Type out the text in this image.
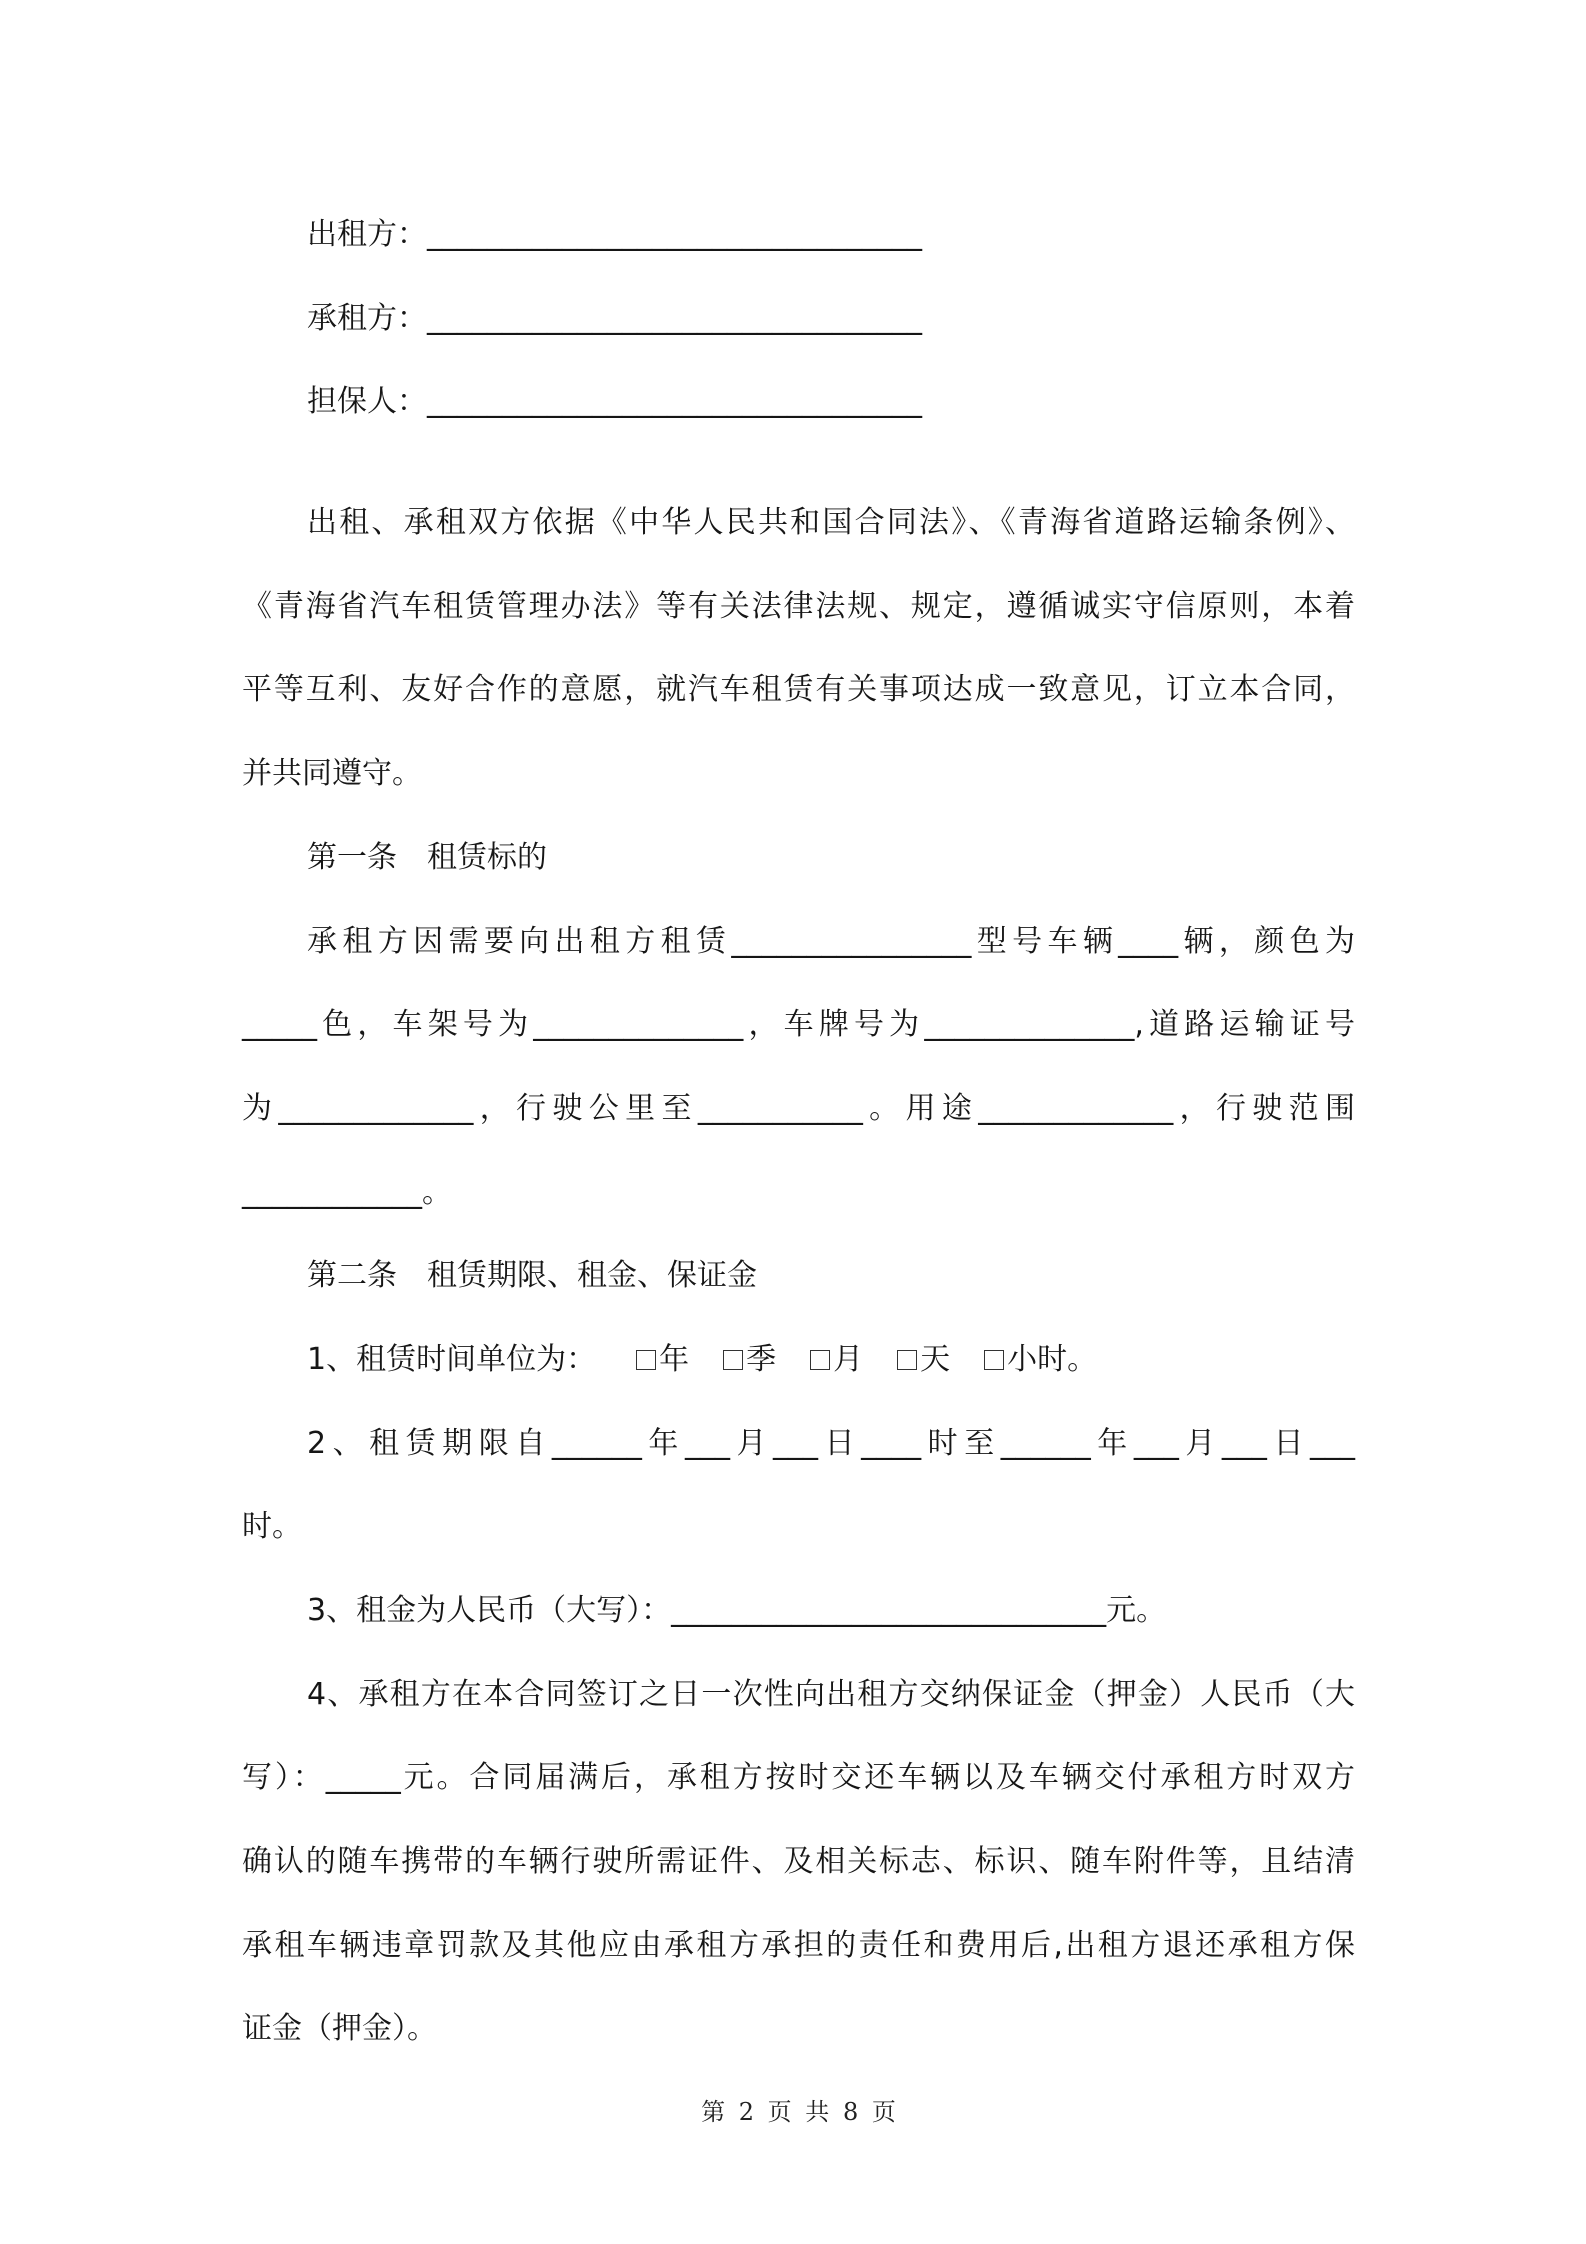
出租方：_________________________________
承租方：_________________________________
担保人：_________________________________
出租、承租双方依据《中华人民共和国合同法》、《青海省道路运输条例》、
《青海省汽车租赁管理办法》等有关法律法规、规定，遵循诚实守信原则，本着
平等互利、友好合作的意愿，就汽车租赁有关事项达成一致意见，订立本合同，
并共同遵守。
第一条　租赁标的
承租方因需要向出租方租赁________________型号车辆____辆，颜色为
_____色，车架号为______________，车牌号为______________,道路运输证号
为_____________，行驶公里至___________。用途_____________，行驶范围
____________。
第二条　租赁期限、租金、保证金
1、租赁时间单位为： 年 季 月 天 小时。
2、租赁期限自______年___月___日____时至______年___月___日___
时。
3、租金为人民币（大写）：_____________________________元。
4、承租方在本合同签订之日一次性向出租方交纳保证金（押金）人民币（大
写）：_____元。合同届满后，承租方按时交还车辆以及车辆交付承租方时双方
确认的随车携带的车辆行驶所需证件、及相关标志、标识、随车附件等，且结清
承租车辆违章罚款及其他应由承租方承担的责任和费用后,出租方退还承租方保
证金（押金）。
第 2 页 共 8 页
